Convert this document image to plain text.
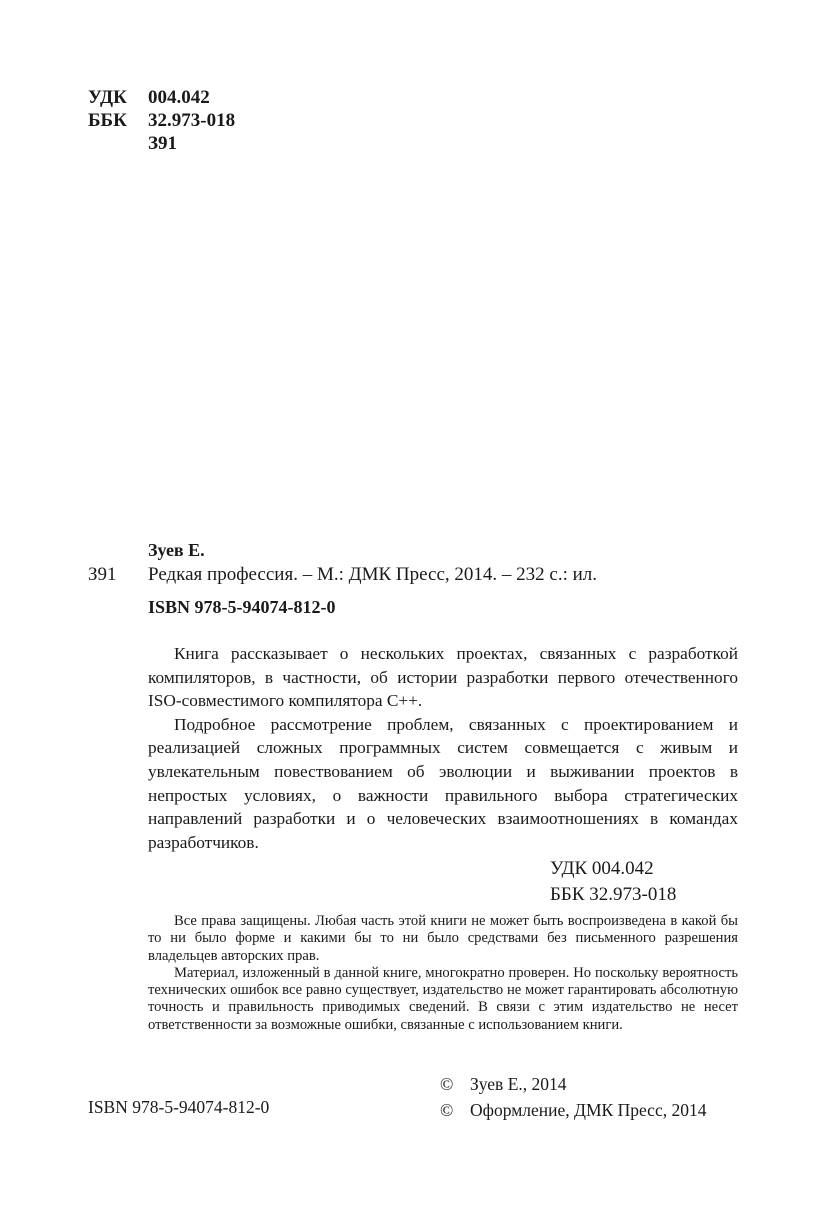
УДК	004.042
ББК	32.973-018
З91
Зуев Е.
З91 Редкая профессия. – М.: ДМК Пресс, 2014. – 232 с.: ил.
ISBN 978-5-94074-812-0

Книга рассказывает о нескольких проектах, связанных с разработкой компиляторов, в частности, об истории разработки первого отечественного ISO-совместимого компилятора С++.

Подробное рассмотрение проблем, связанных с проектированием и реализацией сложных программных систем совмещается с живым и увлекательным повествованием об эволюции и выживании проектов в непростых условиях, о важности правильного выбора стратегических направлений разработки и о человеческих взаимоотношениях в командах разработчиков.

УДК 004.042
ББК 32.973-018

Все права защищены. Любая часть этой книги не может быть воспроизведена в какой бы то ни было форме и какими бы то ни было средствами без письменного разрешения владельцев авторских прав.

Материал, изложенный в данной книге, многократно проверен. Но поскольку вероятность технических ошибок все равно существует, издательство не может гарантировать абсолютную точность и правильность приводимых сведений. В связи с этим издательство не несет ответственности за возможные ошибки, связанные с использованием книги.

ISBN 978-5-94074-812-0
© Зуев Е., 2014
© Оформление, ДМК Пресс, 2014
